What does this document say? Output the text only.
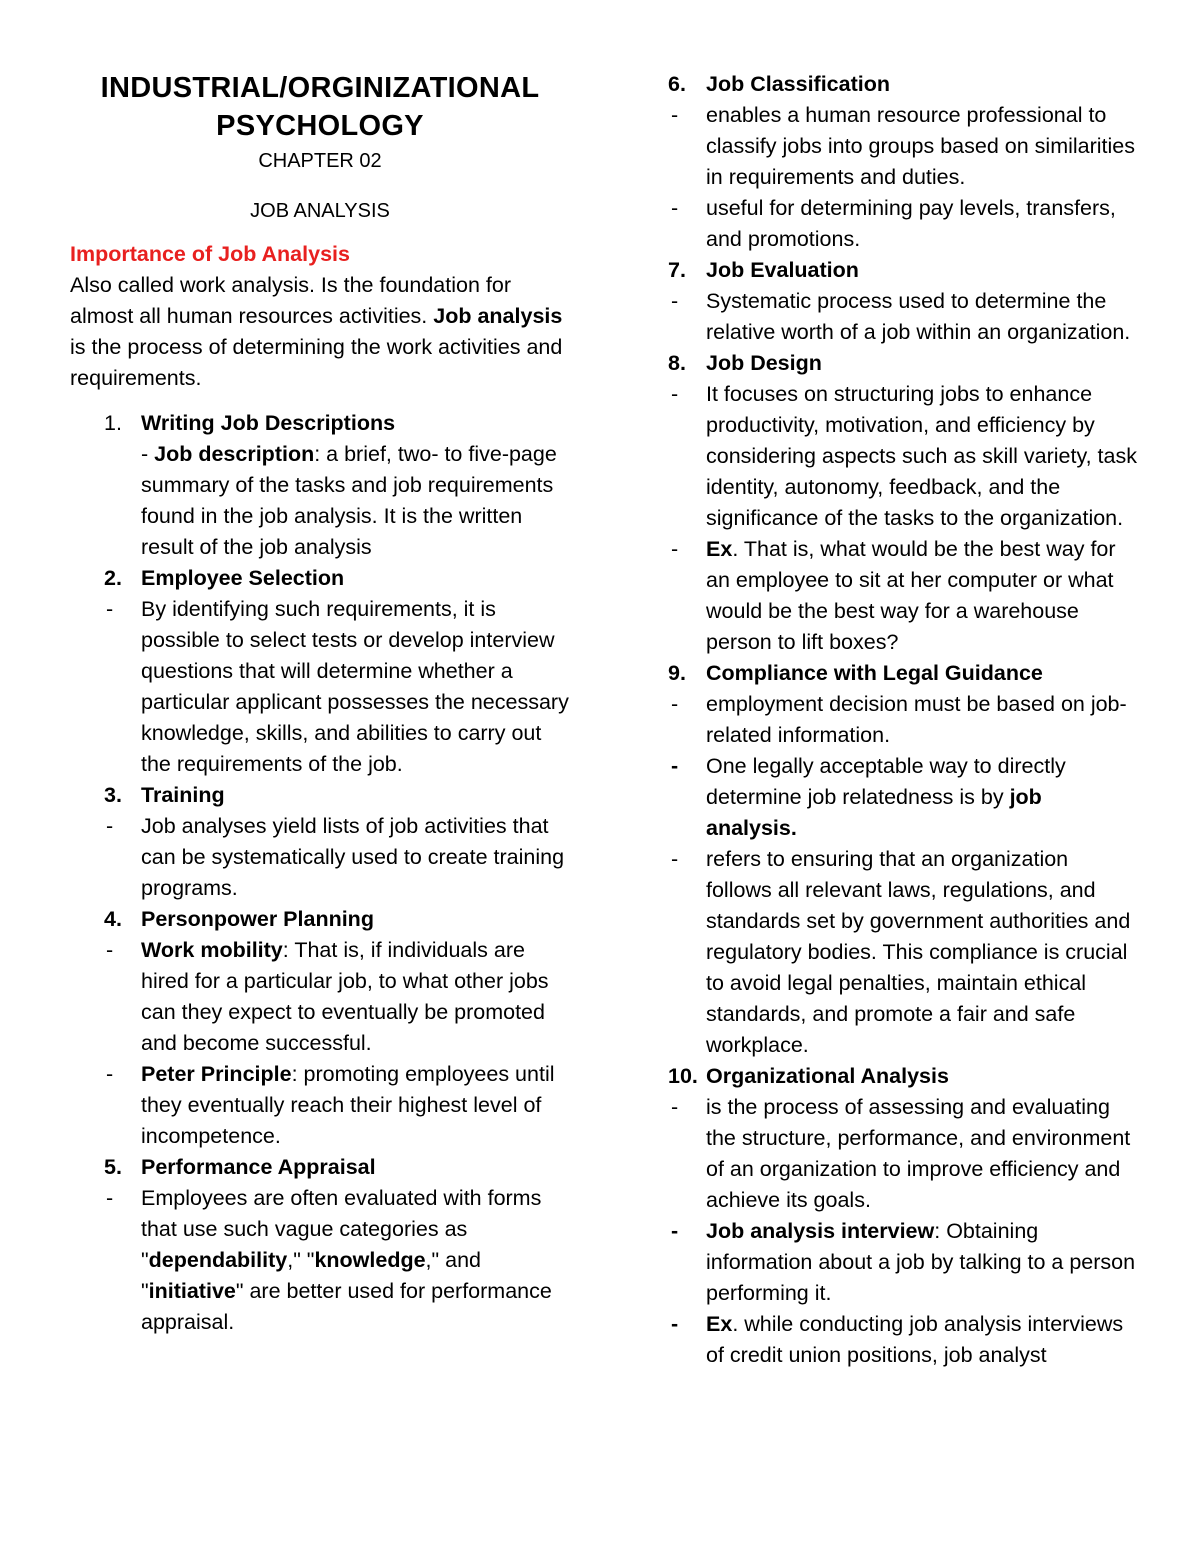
INDUSTRIAL/ORGINIZATIONAL
PSYCHOLOGY
CHAPTER 02
JOB ANALYSIS
Importance of Job Analysis
Also called work analysis. Is the foundation for almost all human resources activities. Job analysis is the process of determining the work activities and requirements.
1. Writing Job Descriptions
- Job description: a brief, two- to five-page summary of the tasks and job requirements found in the job analysis. It is the written result of the job analysis
2. Employee Selection
- By identifying such requirements, it is possible to select tests or develop interview questions that will determine whether a particular applicant possesses the necessary knowledge, skills, and abilities to carry out the requirements of the job.
3. Training
- Job analyses yield lists of job activities that can be systematically used to create training programs.
4. Personpower Planning
- Work mobility: That is, if individuals are hired for a particular job, to what other jobs can they expect to eventually be promoted and become successful.
- Peter Principle: promoting employees until they eventually reach their highest level of incompetence.
5. Performance Appraisal
- Employees are often evaluated with forms that use such vague categories as "dependability," "knowledge," and "initiative" are better used for performance appraisal.
6. Job Classification
- enables a human resource professional to classify jobs into groups based on similarities in requirements and duties.
- useful for determining pay levels, transfers, and promotions.
7. Job Evaluation
- Systematic process used to determine the relative worth of a job within an organization.
8. Job Design
- It focuses on structuring jobs to enhance productivity, motivation, and efficiency by considering aspects such as skill variety, task identity, autonomy, feedback, and the significance of the tasks to the organization.
- Ex. That is, what would be the best way for an employee to sit at her computer or what would be the best way for a warehouse person to lift boxes?
9. Compliance with Legal Guidance
- employment decision must be based on job-related information.
- One legally acceptable way to directly determine job relatedness is by job analysis.
- refers to ensuring that an organization follows all relevant laws, regulations, and standards set by government authorities and regulatory bodies. This compliance is crucial to avoid legal penalties, maintain ethical standards, and promote a fair and safe workplace.
10. Organizational Analysis
- is the process of assessing and evaluating the structure, performance, and environment of an organization to improve efficiency and achieve its goals.
- Job analysis interview: Obtaining information about a job by talking to a person performing it.
- Ex. while conducting job analysis interviews of credit union positions, job analyst
